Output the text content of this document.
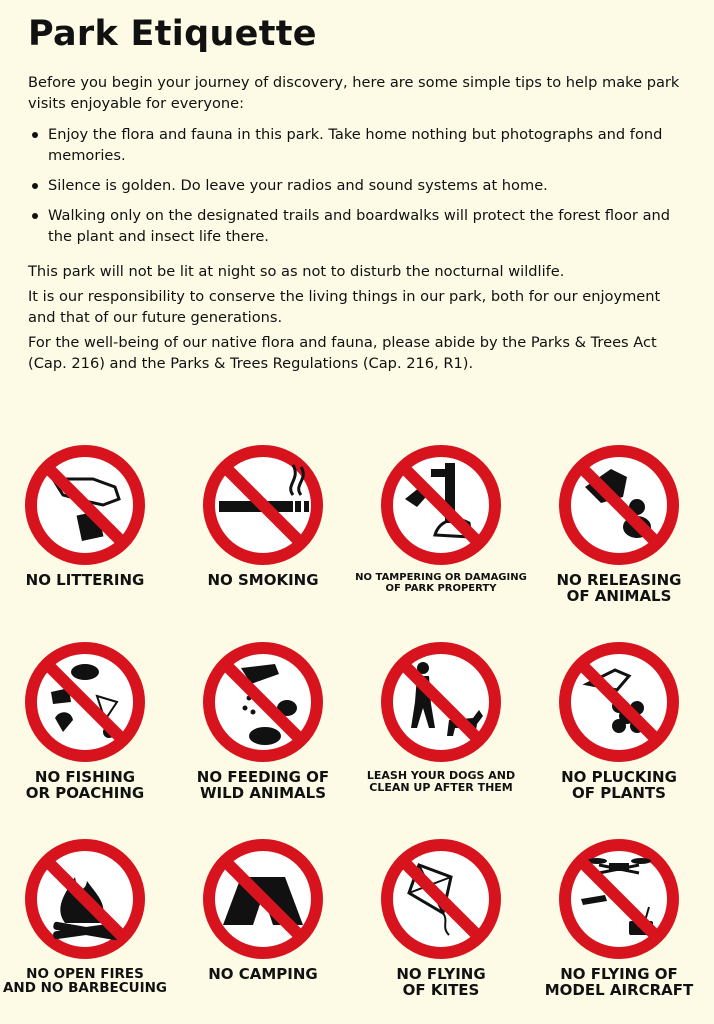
Park Etiquette

Before you begin your journey of discovery, here are some simple tips to help make park visits enjoyable for everyone:

Enjoy the flora and fauna in this park. Take home nothing but photographs and fond memories.
Silence is golden. Do leave your radios and sound systems at home.
Walking only on the designated trails and boardwalks will protect the forest floor and the plant and insect life there.

This park will not be lit at night so as not to disturb the nocturnal wildlife.

It is our responsibility to conserve the living things in our park, both for our enjoyment and that of our future generations.

For the well-being of our native flora and fauna, please abide by the Parks & Trees Act (Cap. 216) and the Parks & Trees Regulations (Cap. 216, R1).

NO LITTERING	NO SMOKING	NO TAMPERING OR DAMAGING
OF PARK PROPERTY	NO RELEASING
OF ANIMALS
NO FISHING
OR POACHING
NO FEEDING OF
WILD ANIMALS
LEASH YOUR DOGS AND
CLEAN UP AFTER THEM
NO PLUCKING
OF PLANTS
NO OPEN FIRES
AND NO BARBECUING
NO CAMPING	NO FLYING
OF KITES
NO FLYING OF
MODEL AIRCRAFT
